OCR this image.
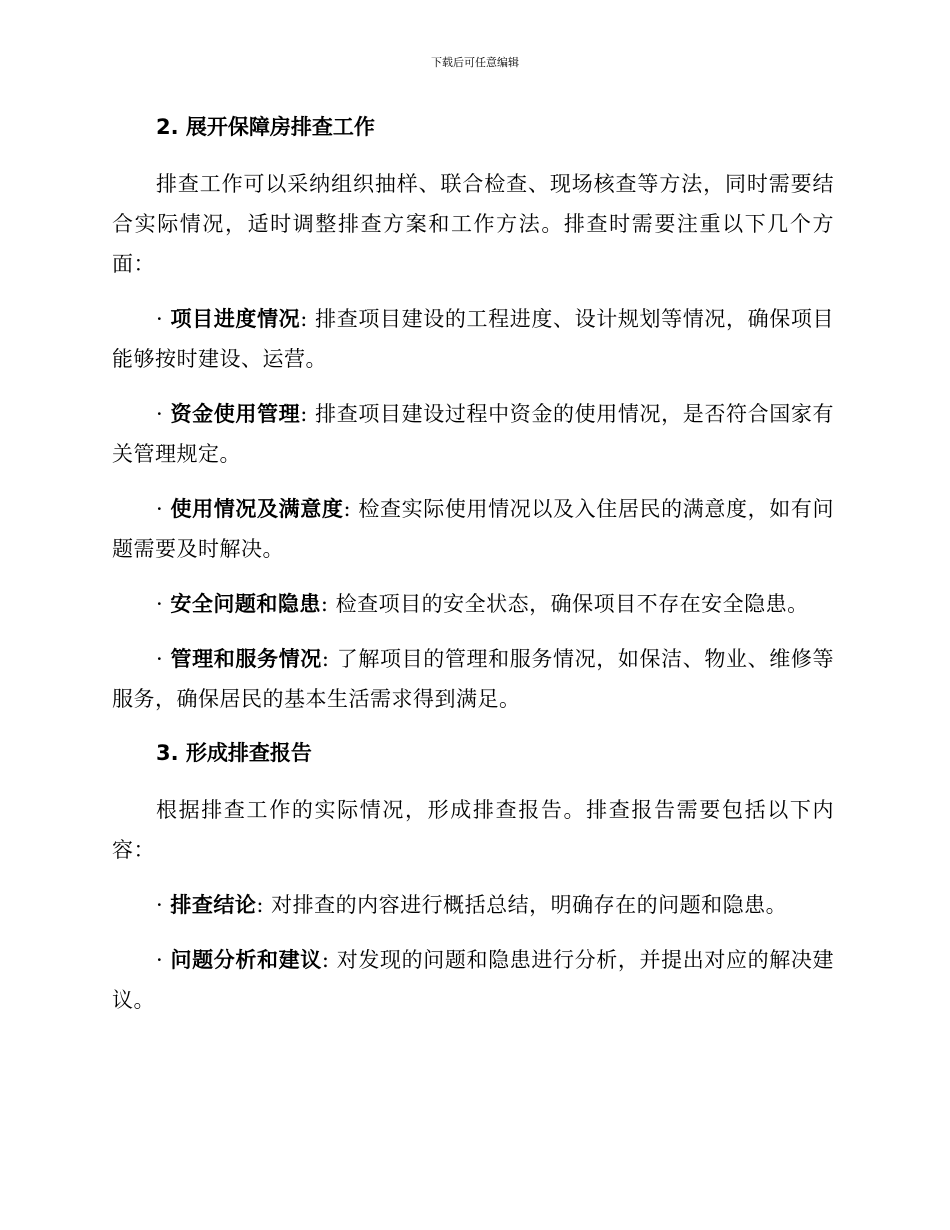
下载后可任意编辑
2. 展开保障房排查工作

排查工作可以采纳组织抽样、联合检查、现场核查等方法，同时需要结合实际情况，适时调整排查方案和工作方法。排查时需要注重以下几个方面：

· 项目进度情况: 排查项目建设的工程进度、设计规划等情况，确保项目能够按时建设、运营。

· 资金使用管理: 排查项目建设过程中资金的使用情况，是否符合国家有关管理规定。

· 使用情况及满意度: 检查实际使用情况以及入住居民的满意度，如有问题需要及时解决。

· 安全问题和隐患: 检查项目的安全状态，确保项目不存在安全隐患。

· 管理和服务情况: 了解项目的管理和服务情况，如保洁、物业、维修等服务，确保居民的基本生活需求得到满足。

3. 形成排查报告

根据排查工作的实际情况，形成排查报告。排查报告需要包括以下内容：

· 排查结论: 对排查的内容进行概括总结，明确存在的问题和隐患。

· 问题分析和建议: 对发现的问题和隐患进行分析，并提出对应的解决建议。
